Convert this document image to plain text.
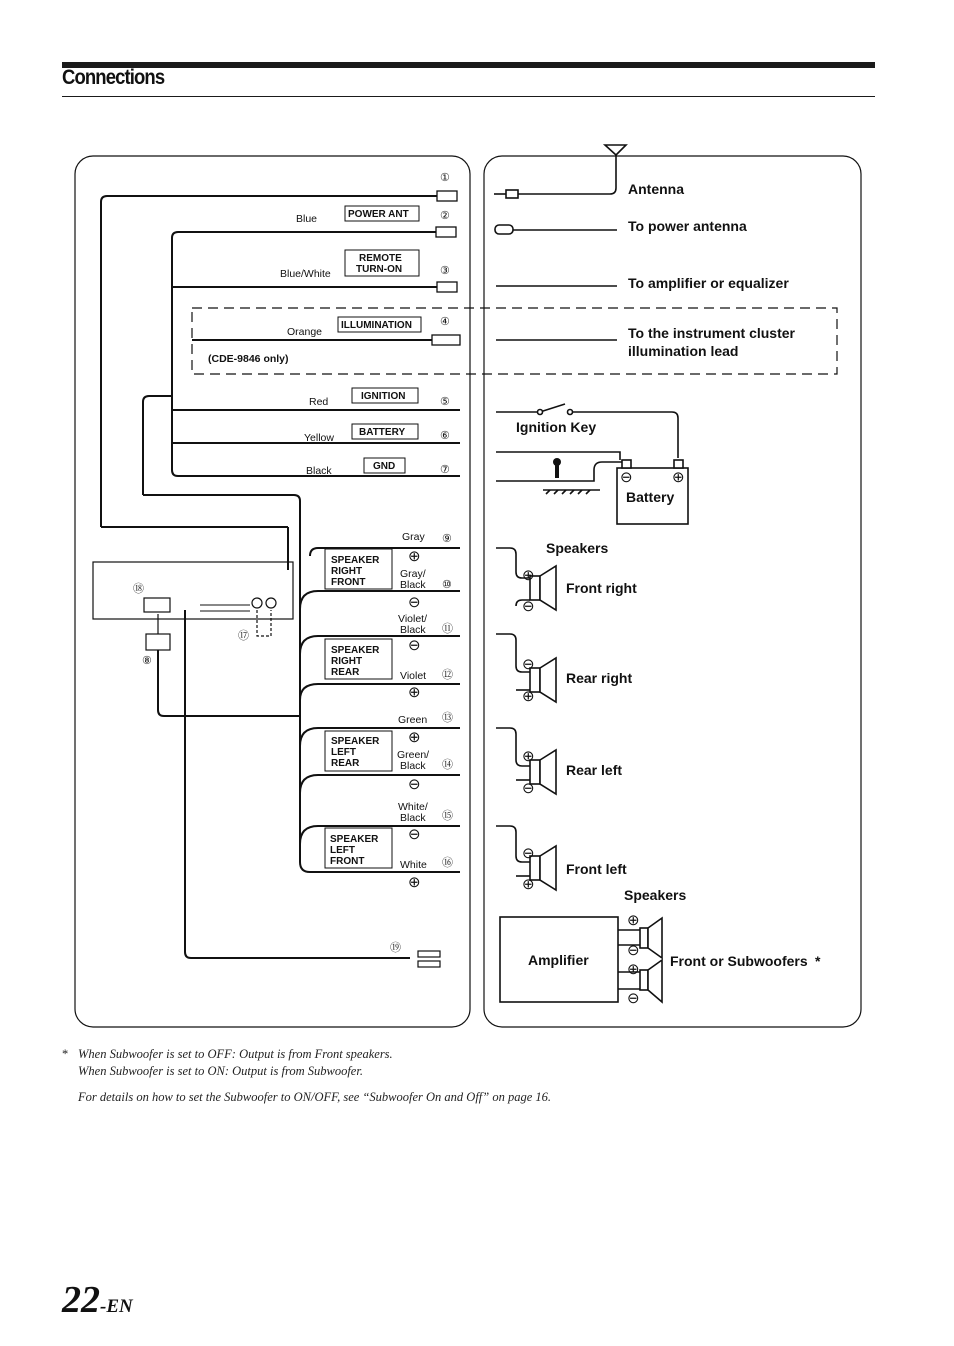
Connections
①
②
Blue	POWER ANT
③
Blue/White
REMOTE
TURN-ON
④
Orange
ILLUMINATION
(CDE-9846 only)
⑤
Red	IGNITION
⑥
Yellow	BATTERY
⑦
Black	GND
Gray ⑨
⊕
Gray/
Black ⑩
⊖
SPEAKER
RIGHT
FRONT
Violet/
Black ⑪
⊖
Violet ⑫
⊕
SPEAKER
RIGHT
REAR
Green ⑬
⊕
Green/
Black ⑭
⊖
SPEAKER
LEFT
REAR
White/
Black ⑮
⊖
White ⑯
⊕
SPEAKER
LEFT
FRONT
⑱
⑰
⑧
⑲
Antenna
To power antenna
To amplifier or equalizer
To the instrument cluster
illumination lead
Ignition Key
⊖	⊕
Battery
Speakers
⊕
⊖
Front right
⊖
⊕
Rear right
⊕
⊖
Rear left
⊖
⊕
Front left
Speakers
Amplifier
⊕
⊖
⊕
⊖
Front or Subwoofers *
* When Subwoofer is set to OFF: Output is from Front speakers.
When Subwoofer is set to ON: Output is from Subwoofer.
For details on how to set the Subwoofer to ON/OFF, see “Subwoofer On and Off” on page 16.
22-EN
